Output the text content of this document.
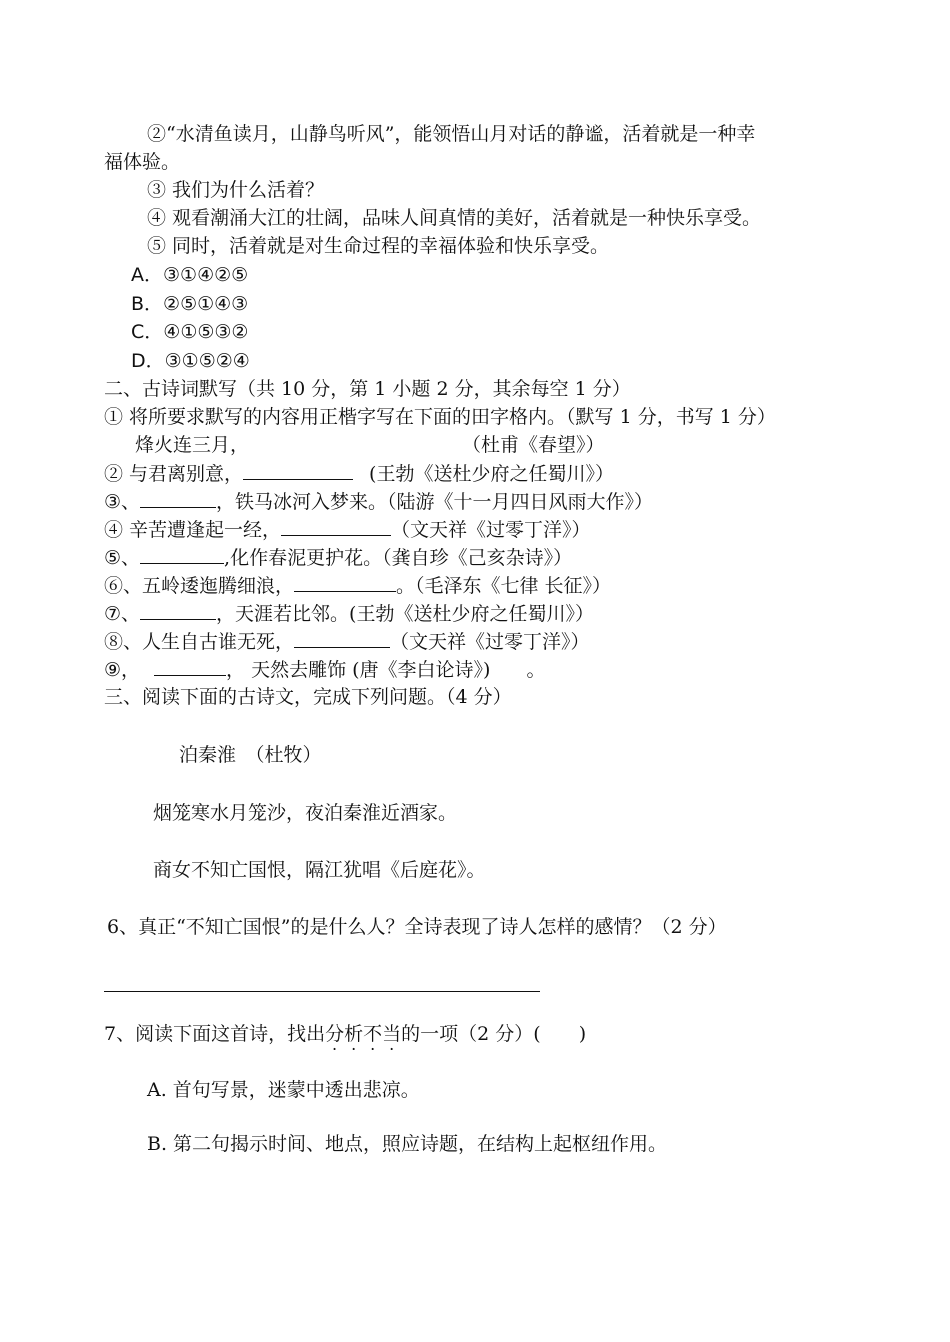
②“水清鱼读月，山静鸟听风”，能领悟山月对话的静谧，活着就是一种幸
福体验。
③ 我们为什么活着？
④ 观看潮涌大江的壮阔，品味人间真情的美好，活着就是一种快乐享受。
⑤ 同时，活着就是对生命过程的幸福体验和快乐享受。
A．③①④②⑤
B．②⑤①④③
C．④①⑤③②
D．③①⑤②④
二、古诗词默写（共 10 分，第 1 小题 2 分，其余每空 1 分）
① 将所要求默写的内容用正楷字写在下面的田字格内。（默写 1 分，书写 1 分）
烽火连三月，	（杜甫《春望》）
② 与君离别意，	(王勃《送杜少府之任蜀川》）
③、	，铁马冰河入梦来。（陆游《十一月四日风雨大作》）
④ 辛苦遭逢起一经，	（文天祥《过零丁洋》）
⑤、	,化作春泥更护花。（龚自珍《己亥杂诗》）
⑥、五岭逶迤腾细浪，	。（毛泽东《七律 长征》）
⑦、	，天涯若比邻。(王勃《送杜少府之任蜀川》）
⑧、人生自古谁无死，	（文天祥《过零丁洋》）
⑨，	， 天然去雕饰 (唐《李白论诗》) 。
三、阅读下面的古诗文，完成下列问题。（4 分）
泊秦淮　（杜牧）
烟笼寒水月笼沙，夜泊秦淮近酒家。
商女不知亡国恨，隔江犹唱《后庭花》。
6、真正“不知亡国恨”的是什么人？全诗表现了诗人怎样的感情？（2 分）
7、阅读下面这首诗，找出分析不当的一项（2 分）(　　)
A. 首句写景，迷蒙中透出悲凉。
B. 第二句揭示时间、地点，照应诗题，在结构上起枢纽作用。
